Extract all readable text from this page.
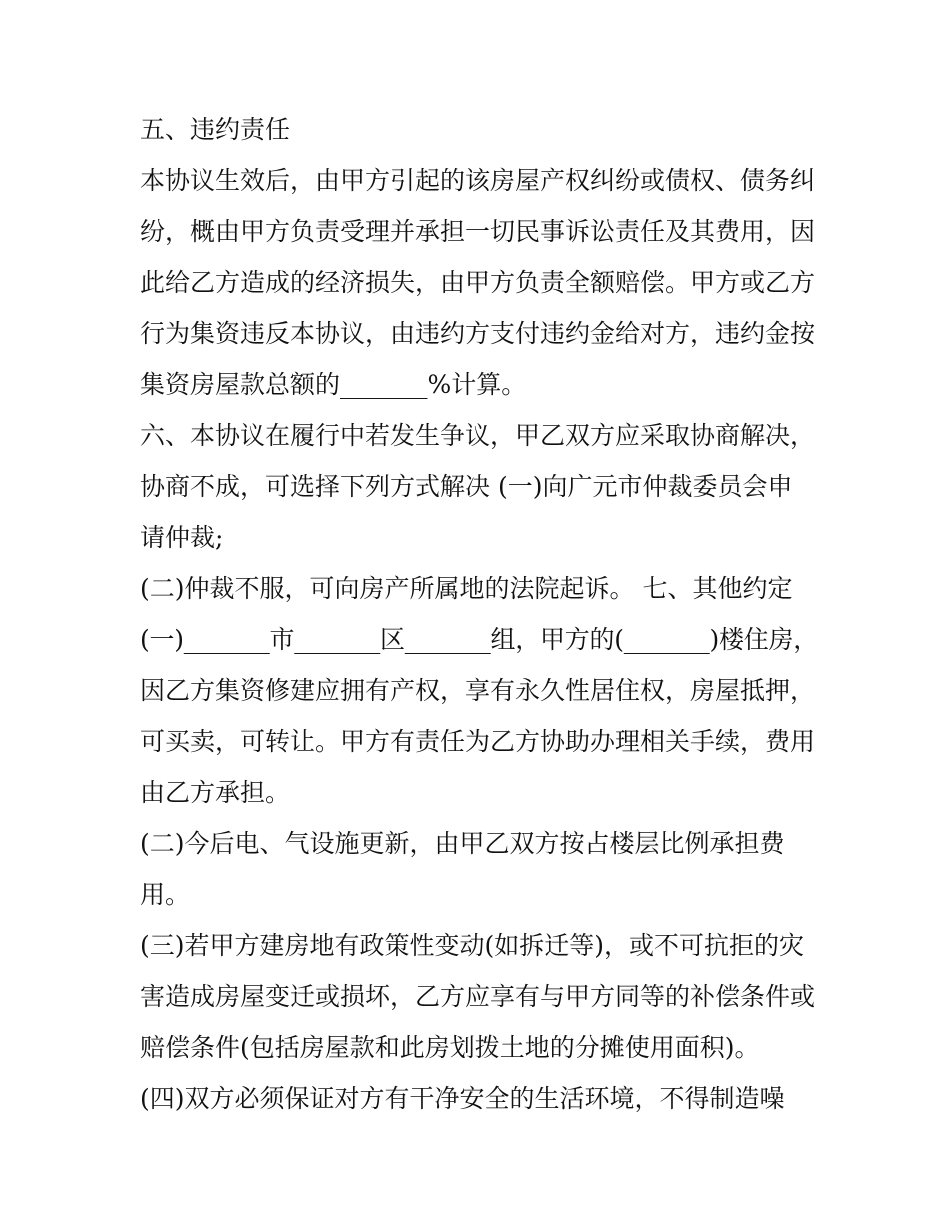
五、违约责任
本协议生效后，由甲方引起的该房屋产权纠纷或债权、债务纠
纷，概由甲方负责受理并承担一切民事诉讼责任及其费用，因
此给乙方造成的经济损失，由甲方负责全额赔偿。甲方或乙方
行为集资违反本协议，由违约方支付违约金给对方，违约金按
集资房屋款总额的_______%计算。
六、本协议在履行中若发生争议，甲乙双方应采取协商解决，
协商不成，可选择下列方式解决 (一)向广元市仲裁委员会申
请仲裁;
(二)仲裁不服，可向房产所属地的法院起诉。 七、其他约定
(一)_______市_______区_______组，甲方的(_______)楼住房，
因乙方集资修建应拥有产权，享有永久性居住权，房屋抵押，
可买卖，可转让。甲方有责任为乙方协助办理相关手续，费用
由乙方承担。
(二)今后电、气设施更新，由甲乙双方按占楼层比例承担费
用。
(三)若甲方建房地有政策性变动(如拆迁等)，或不可抗拒的灾
害造成房屋变迁或损坏，乙方应享有与甲方同等的补偿条件或
赔偿条件(包括房屋款和此房划拨土地的分摊使用面积)。
(四)双方必须保证对方有干净安全的生活环境，不得制造噪
